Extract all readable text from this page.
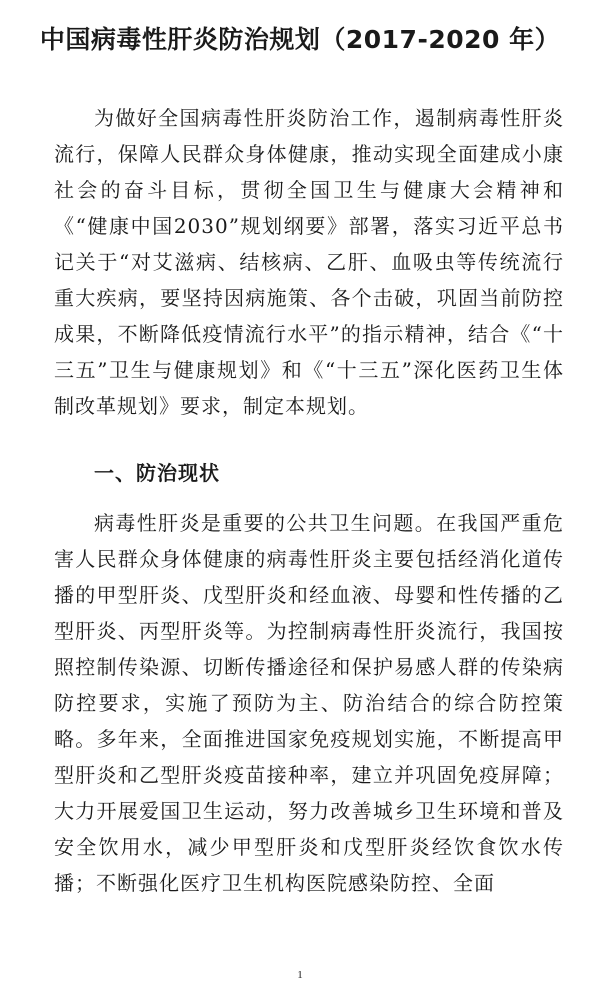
中国病毒性肝炎防治规划（2017-2020 年）

为做好全国病毒性肝炎防治工作，遏制病毒性肝炎流行，保障人民群众身体健康，推动实现全面建成小康社会的奋斗目标，贯彻全国卫生与健康大会精神和《“健康中国2030”规划纲要》部署，落实习近平总书记关于“对艾滋病、结核病、乙肝、血吸虫等传统流行重大疾病，要坚持因病施策、各个击破，巩固当前防控成果，不断降低疫情流行水平”的指示精神，结合《“十三五”卫生与健康规划》和《“十三五”深化医药卫生体制改革规划》要求，制定本规划。

一、防治现状

病毒性肝炎是重要的公共卫生问题。在我国严重危害人民群众身体健康的病毒性肝炎主要包括经消化道传播的甲型肝炎、戊型肝炎和经血液、母婴和性传播的乙型肝炎、丙型肝炎等。为控制病毒性肝炎流行，我国按照控制传染源、切断传播途径和保护易感人群的传染病防控要求，实施了预防为主、防治结合的综合防控策略。多年来，全面推进国家免疫规划实施，不断提高甲型肝炎和乙型肝炎疫苗接种率，建立并巩固免疫屏障；大力开展爱国卫生运动，努力改善城乡卫生环境和普及安全饮用水，减少甲型肝炎和戊型肝炎经饮食饮水传播；不断强化医疗卫生机构医院感染防控、全面

1
